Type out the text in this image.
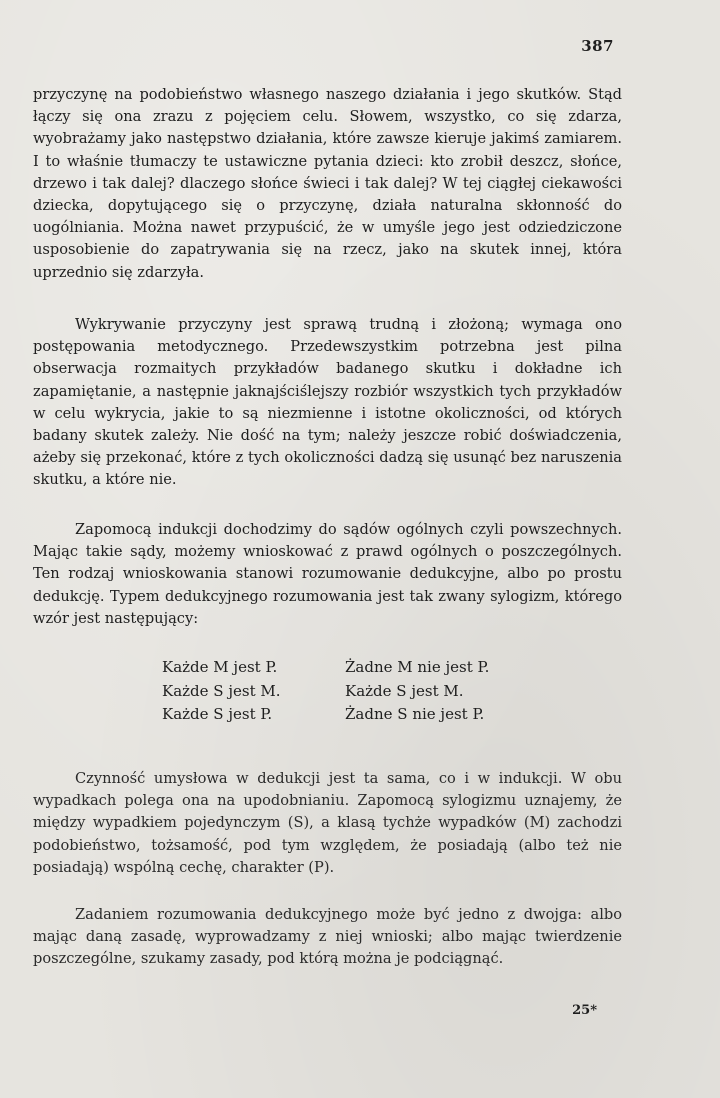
387

przyczynę na podobieństwo własnego naszego działania i jego skutków. Stąd łączy się ona zrazu z pojęciem celu. Słowem, wszystko, co się zdarza, wyobrażamy jako następstwo działania, które zawsze kieruje jakimś zamiarem. I to właśnie tłumaczy te ustawiczne pytania dzieci: kto zrobił deszcz, słońce, drzewo i tak dalej? dlaczego słońce świeci i tak dalej? W tej ciągłej ciekawości dziecka, dopytującego się o przyczynę, działa naturalna skłonność do uogólniania. Można nawet przypuścić, że w umyśle jego jest odziedziczone usposobienie do zapatrywania się na rzecz, jako na skutek innej, która uprzednio się zdarzyła.

Wykrywanie przyczyny jest sprawą trudną i złożoną; wymaga ono postępowania metodycznego. Przedewszystkim potrzebna jest pilna obserwacja rozmaitych przykładów badanego skutku i dokładne ich zapamiętanie, a następnie jaknajściślejszy rozbiór wszystkich tych przykładów w celu wykrycia, jakie to są niezmienne i istotne okoliczności, od których badany skutek zależy. Nie dość na tym; należy jeszcze robić doświadczenia, ażeby się przekonać, które z tych okoliczności dadzą się usunąć bez naruszenia skutku, a które nie.

Zapomocą indukcji dochodzimy do sądów ogólnych czyli powszechnych. Mając takie sądy, możemy wnioskować z prawd ogólnych o poszczególnych. Ten rodzaj wnioskowania stanowi rozumowanie dedukcyjne, albo po prostu dedukcję. Typem dedukcyjnego rozumowania jest tak zwany sylogizm, którego wzór jest następujący:

Każde M jest P.
Każde S jest M.
Każde S jest P.
Żadne M nie jest P.
Każde S jest M.
Żadne S nie jest P.

Czynność umysłowa w dedukcji jest ta sama, co i w indukcji. W obu wypadkach polega ona na upodobnianiu. Zapomocą sylogizmu uznajemy, że między wypadkiem pojedynczym (S), a klasą tychże wypadków (M) zachodzi podobieństwo, tożsamość, pod tym względem, że posiadają (albo też nie posiadają) wspólną cechę, charakter (P).

Zadaniem rozumowania dedukcyjnego może być jedno z dwojga: albo mając daną zasadę, wyprowadzamy z niej wnioski; albo mając twierdzenie poszczególne, szukamy zasady, pod którą można je podciągnąć.

25*
